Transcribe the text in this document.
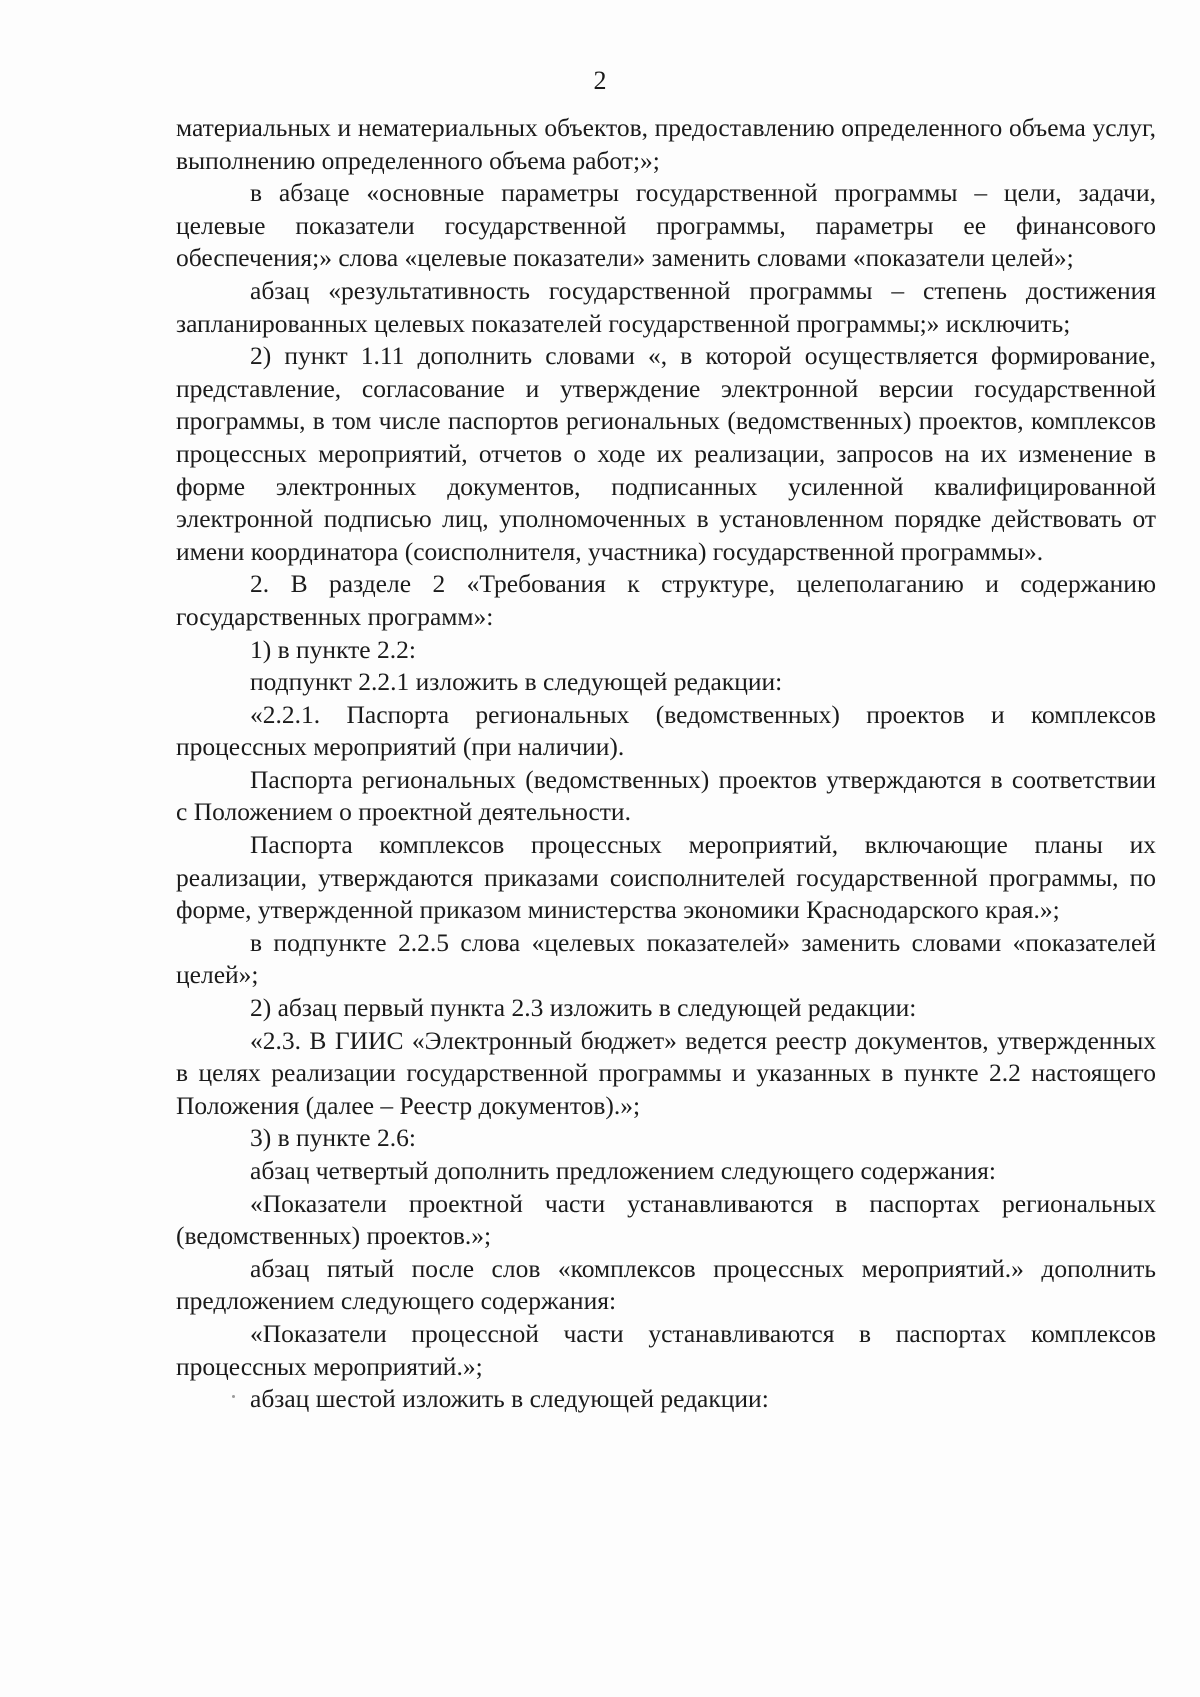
2

материальных и нематериальных объектов, предоставлению определенного объема услуг, выполнению определенного объема работ;»;

в абзаце «основные параметры государственной программы – цели, задачи, целевые показатели государственной программы, параметры ее финансового обеспечения;» слова «целевые показатели» заменить словами «показатели целей»;

абзац «результативность государственной программы – степень достижения запланированных целевых показателей государственной программы;» исключить;

2) пункт 1.11 дополнить словами «, в которой осуществляется формирование, представление, согласование и утверждение электронной версии государственной программы, в том числе паспортов региональных (ведомственных) проектов, комплексов процессных мероприятий, отчетов о ходе их реализации, запросов на их изменение в форме электронных документов, подписанных усиленной квалифицированной электронной подписью лиц, уполномоченных в установленном порядке действовать от имени координатора (соисполнителя, участника) государственной программы».

2. В разделе 2 «Требования к структуре, целеполаганию и содержанию государственных программ»:

1) в пункте 2.2:

подпункт 2.2.1 изложить в следующей редакции:

«2.2.1. Паспорта региональных (ведомственных) проектов и комплексов процессных мероприятий (при наличии).

Паспорта региональных (ведомственных) проектов утверждаются в соответствии с Положением о проектной деятельности.

Паспорта комплексов процессных мероприятий, включающие планы их реализации, утверждаются приказами соисполнителей государственной программы, по форме, утвержденной приказом министерства экономики Краснодарского края.»;

в подпункте 2.2.5 слова «целевых показателей» заменить словами «показателей целей»;

2) абзац первый пункта 2.3 изложить в следующей редакции:

«2.3. В ГИИС «Электронный бюджет» ведется реестр документов, утвержденных в целях реализации государственной программы и указанных в пункте 2.2 настоящего Положения (далее – Реестр документов).»;

3) в пункте 2.6:

абзац четвертый дополнить предложением следующего содержания:

«Показатели проектной части устанавливаются в паспортах региональных (ведомственных) проектов.»;

абзац пятый после слов «комплексов процессных мероприятий.» дополнить предложением следующего содержания:

«Показатели процессной части устанавливаются в паспортах комплексов процессных мероприятий.»;

абзац шестой изложить в следующей редакции:
